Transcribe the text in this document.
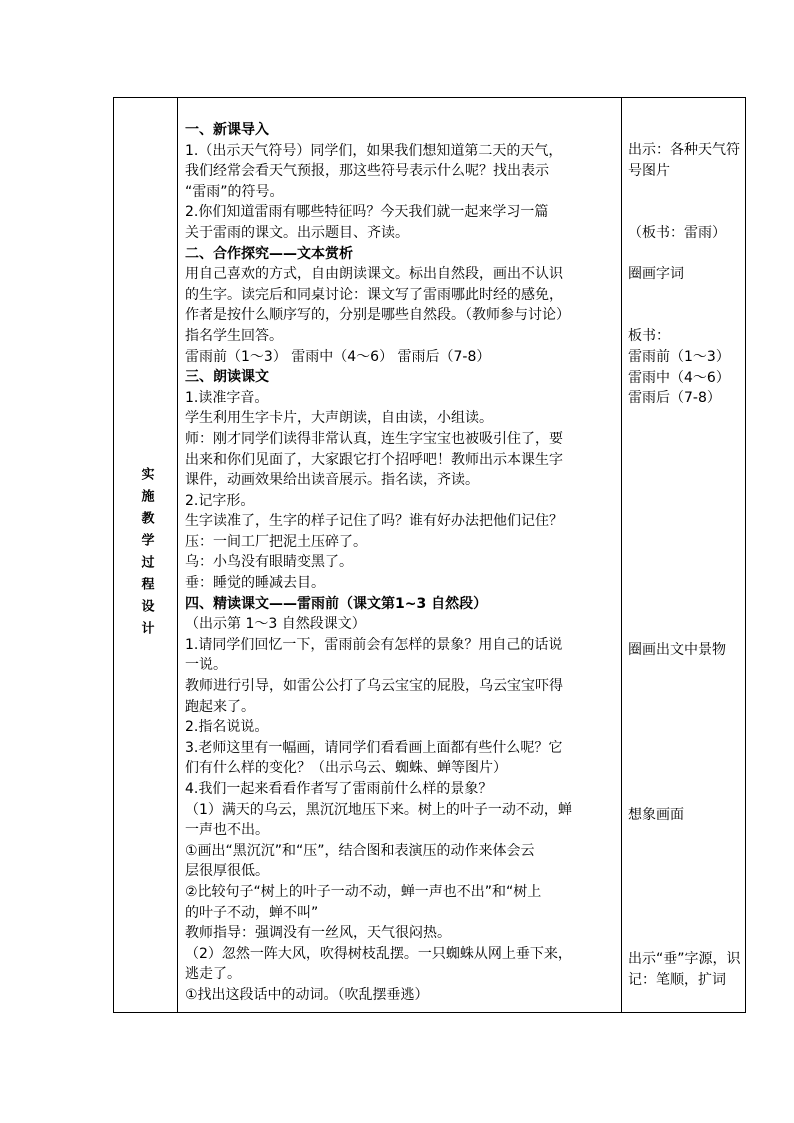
实施教学过程设计
一、新课导入
1.（出示天气符号）同学们，如果我们想知道第二天的天气，
我们经常会看天气预报，那这些符号表示什么呢？找出表示
“雷雨”的符号。
2.你们知道雷雨有哪些特征吗？今天我们就一起来学习一篇
关于雷雨的课文。出示题目、齐读。
二、合作探究——文本赏析
用自己喜欢的方式，自由朗读课文。标出自然段，画出不认识
的生字。读完后和同桌讨论：课文写了雷雨哪此时经的感免，
作者是按什么顺序写的，分别是哪些自然段。（教师参与讨论）
指名学生回答。
雷雨前（1～3） 雷雨中（4～6） 雷雨后（7-8）
三、朗读课文
1.读准字音。
学生利用生字卡片，大声朗读，自由读，小组读。
师：刚才同学们读得非常认真，连生字宝宝也被吸引住了，要
出来和你们见面了，大家跟它打个招呼吧！教师出示本课生字
课件，动画效果给出读音展示。指名读，齐读。
2.记字形。
生字读准了，生字的样子记住了吗？谁有好办法把他们记住？
压：一间工厂把泥土压碎了。
乌：小鸟没有眼睛变黑了。
垂：睡觉的睡减去目。
四、精读课文——雷雨前（课文第1~3 自然段）
（出示第 1～3 自然段课文）
1.请同学们回忆一下，雷雨前会有怎样的景象？用自己的话说
一说。
教师进行引导，如雷公公打了乌云宝宝的屁股，乌云宝宝吓得
跑起来了。
2.指名说说。
3.老师这里有一幅画，请同学们看看画上面都有些什么呢？它
们有什么样的变化？（出示乌云、蜘蛛、蝉等图片）
4.我们一起来看看作者写了雷雨前什么样的景象？
（1）满天的乌云，黑沉沉地压下来。树上的叶子一动不动，蝉
一声也不出。
①画出“黑沉沉”和“压”，结合图和表演压的动作来体会云
层很厚很低。
②比较句子“树上的叶子一动不动，蝉一声也不出”和“树上
的叶子不动，蝉不叫”
教师指导：强调没有一丝风，天气很闷热。
（2）忽然一阵大风，吹得树枝乱摆。一只蜘蛛从网上垂下来，
逃走了。
①找出这段话中的动词。（吹乱摆垂逃）
出示：各种天气符号图片
（板书：雷雨）
圈画字词
板书：
雷雨前（1～3）雷雨中（4～6）雷雨后（7-8）
圈画出文中景物
想象画面
出示“垂”字源，识记：笔顺，扩词
